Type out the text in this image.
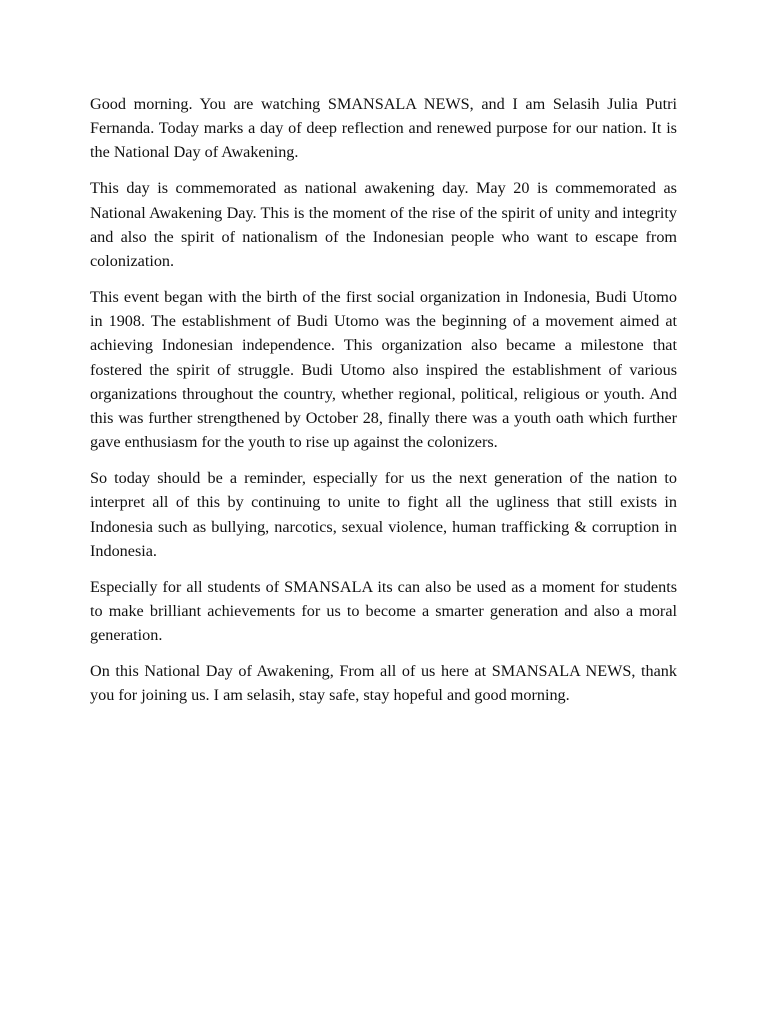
Good morning. You are watching SMANSALA NEWS, and I am Selasih Julia Putri Fernanda. Today marks a day of deep reflection and renewed purpose for our nation. It is the National Day of Awakening.

This day is commemorated as national awakening day. May 20 is commemorated as National Awakening Day. This is the moment of the rise of the spirit of unity and integrity and also the spirit of nationalism of the Indonesian people who want to escape from colonization.

This event began with the birth of the first social organization in Indonesia, Budi Utomo in 1908. The establishment of Budi Utomo was the beginning of a movement aimed at achieving Indonesian independence. This organization also became a milestone that fostered the spirit of struggle. Budi Utomo also inspired the establishment of various organizations throughout the country, whether regional, political, religious or youth. And this was further strengthened by October 28, finally there was a youth oath which further gave enthusiasm for the youth to rise up against the colonizers.

So today should be a reminder, especially for us the next generation of the nation to interpret all of this by continuing to unite to fight all the ugliness that still exists in Indonesia such as bullying, narcotics, sexual violence, human trafficking & corruption in Indonesia.

Especially for all students of SMANSALA its can also be used as a moment for students to make brilliant achievements for us to become a smarter generation and also a moral generation.

On this National Day of Awakening, From all of us here at SMANSALA NEWS, thank you for joining us. I am selasih, stay safe, stay hopeful and good morning.
